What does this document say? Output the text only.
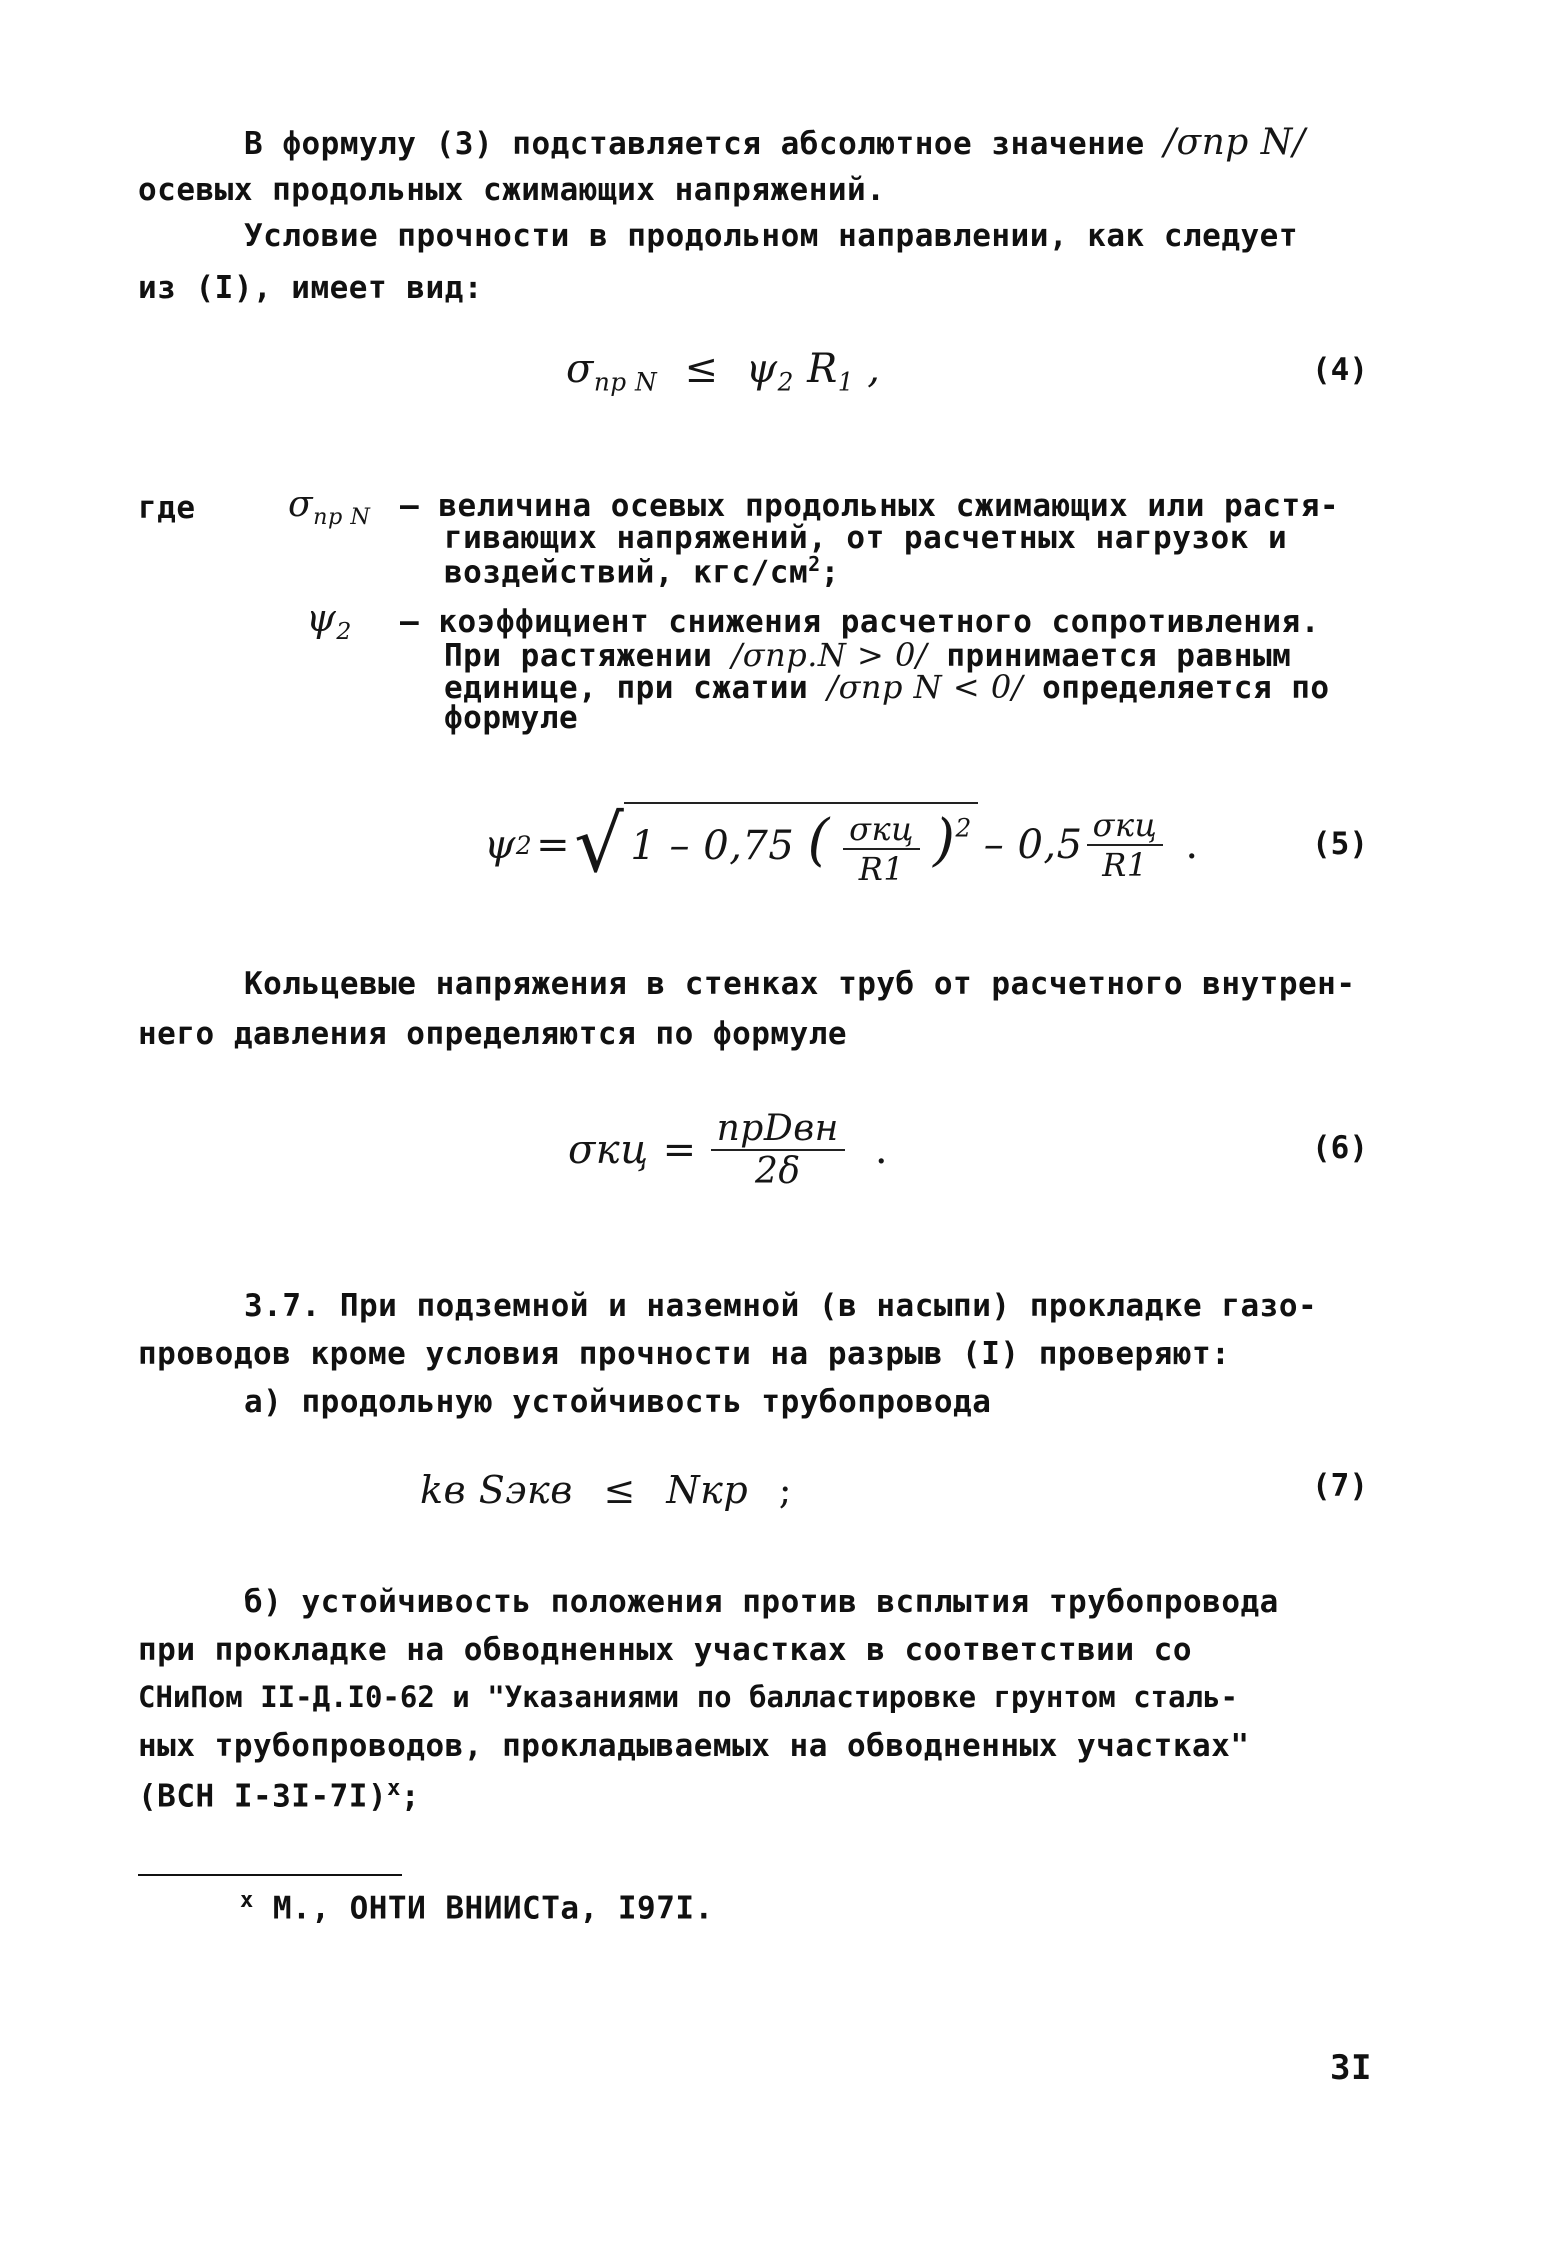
В формулу (3) подставляется абсолютное значение /σпр N/
осевых продольных сжимающих напряжений.
Условие прочности в продольном направлении, как следует
из (I), имеет вид:
$\sigma_{пр N} \le \psi_2$ $R_1$ ,	(4)
где	$\sigma_{пр N}$ – величина осевых продольных сжимающих или растя-
гивающих напряжений, от расчетных нагрузок и
воздействий, кгс/$см^2$;
$\psi_2$ – коэффициент снижения расчетного сопротивления.
При растяжении /σпр.N > 0/ принимается равным
единице, при сжатии /σпр N < 0/ определяется по
формуле
ψ 2 = √ 1 – 0,75 ( $\frac{\text{σкц}}{R1} )^2 - 0,5 \frac{\text{σкц}}{R1}$ .	(5)
Кольцевые напряжения в стенках труб от расчетного внутрен-
него давления определяются по формуле
$\sigma кц = \frac{\text{npDвн}}{2\delta}$ .	(6)
3.7. При подземной и наземной (в насыпи) прокладке газо-
проводов кроме условия прочности на разрыв (I) проверяют:
а) продольную устойчивость трубопровода
kв Sэкв ≤ Nкр ;	(7)
б) устойчивость положения против всплытия трубопровода
при прокладке на обводненных участках в соответствии со
СНиПом II-Д.I0-62 и "Указаниями по балластировке грунтом сталь-
ных трубопроводов, прокладываемых на обводненных участках"
(ВСН I-3I-7I)$^х$;
$^х$ М., ОНТИ ВНИИСТа, I97I.
3I
